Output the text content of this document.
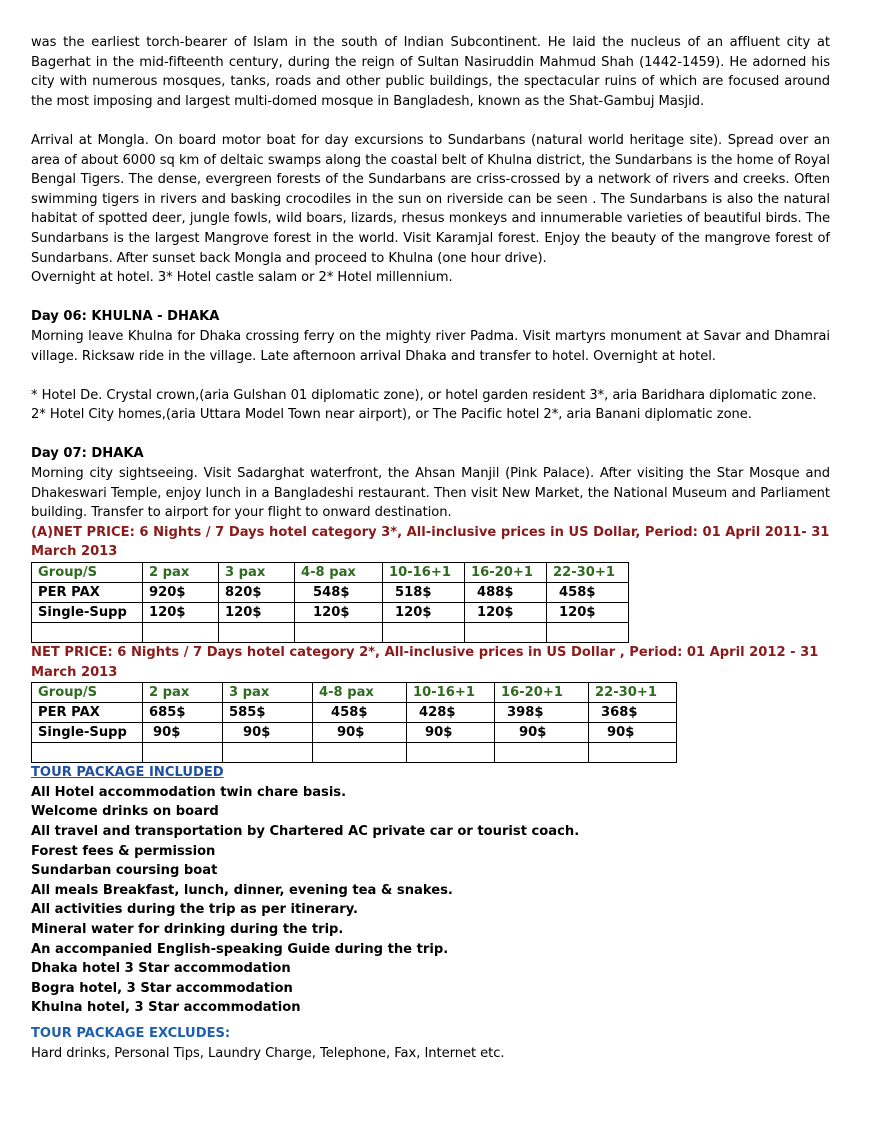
was the earliest torch-bearer of Islam in the south of Indian Subcontinent. He laid the nucleus of an affluent city at Bagerhat in the mid-fifteenth century, during the reign of Sultan Nasiruddin Mahmud Shah (1442-1459). He adorned his city with numerous mosques, tanks, roads and other public buildings, the spectacular ruins of which are focused around the most imposing and largest multi-domed mosque in Bangladesh, known as the Shat-Gambuj Masjid.

Arrival at Mongla. On board motor boat for day excursions to Sundarbans (natural world heritage site). Spread over an area of about 6000 sq km of deltaic swamps along the coastal belt of Khulna district, the Sundarbans is the home of Royal Bengal Tigers. The dense, evergreen forests of the Sundarbans are criss-crossed by a network of rivers and creeks. Often swimming tigers in rivers and basking crocodiles in the sun on riverside can be seen . The Sundarbans is also the natural habitat of spotted deer, jungle fowls, wild boars, lizards, rhesus monkeys and innumerable varieties of beautiful birds. The Sundarbans is the largest Mangrove forest in the world. Visit Karamjal forest. Enjoy the beauty of the mangrove forest of Sundarbans. After sunset back Mongla and proceed to Khulna (one hour drive).

Overnight at hotel. 3* Hotel castle salam or 2* Hotel millennium.

Day 06: KHULNA - DHAKA

Morning leave Khulna for Dhaka crossing ferry on the mighty river Padma. Visit martyrs monument at Savar and Dhamrai village. Ricksaw ride in the village. Late afternoon arrival Dhaka and transfer to hotel. Overnight at hotel.

* Hotel De. Crystal crown,(aria Gulshan 01 diplomatic zone), or hotel garden resident 3*, aria Baridhara diplomatic zone.

2* Hotel City homes,(aria Uttara Model Town near airport), or The Pacific hotel 2*, aria Banani diplomatic zone.

Day 07: DHAKA

Morning city sightseeing. Visit Sadarghat waterfront, the Ahsan Manjil (Pink Palace). After visiting the Star Mosque and Dhakeswari Temple, enjoy lunch in a Bangladeshi restaurant. Then visit New Market, the National Museum and Parliament building. Transfer to airport for your flight to onward destination.

(A)NET PRICE: 6 Nights / 7 Days hotel category 3*, All-inclusive prices in US Dollar, Period: 01 April 2011- 31 March 2013

Group/S	2 pax	3 pax	4-8 pax	10-16+1	16-20+1	22-30+1
PER PAX	920$	820$	548$	518$	488$	458$
Single-Supp	120$	120$	120$	120$	120$	120$

NET PRICE: 6 Nights / 7 Days hotel category 2*, All-inclusive prices in US Dollar , Period: 01 April 2012 - 31 March 2013

Group/S	2 pax	3 pax	4-8 pax	10-16+1	16-20+1	22-30+1
PER PAX	685$	585$	458$	428$	398$	368$
Single-Supp	90$	90$	90$	90$	90$	90$

TOUR PACKAGE INCLUDED

All Hotel accommodation twin chare basis.
Welcome drinks on board
All travel and transportation by Chartered AC private car or tourist coach.
Forest fees & permission
Sundarban coursing boat
All meals Breakfast, lunch, dinner, evening tea & snakes.
All activities during the trip as per itinerary.
Mineral water for drinking during the trip.
An accompanied English-speaking Guide during the trip.
Dhaka hotel 3 Star accommodation
Bogra hotel, 3 Star accommodation
Khulna hotel, 3 Star accommodation

TOUR PACKAGE EXCLUDES:

Hard drinks, Personal Tips, Laundry Charge, Telephone, Fax, Internet etc.
